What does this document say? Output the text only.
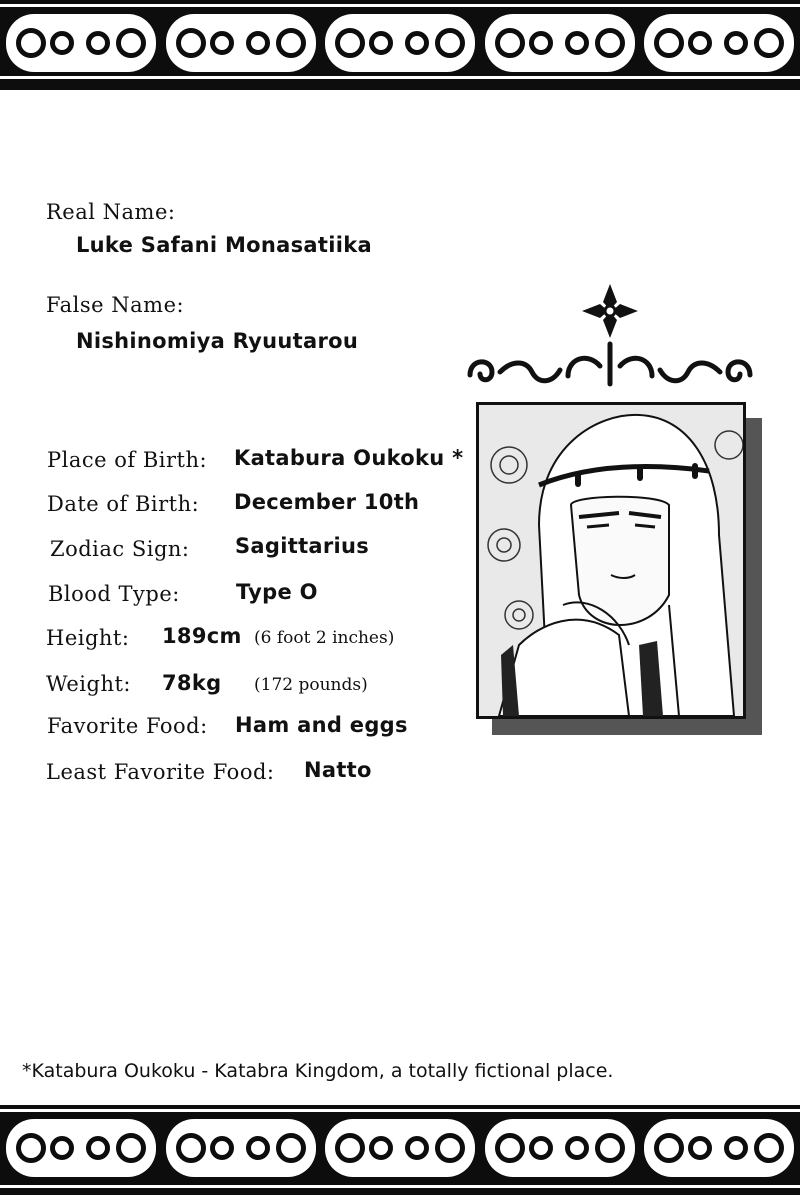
Real Name:
Luke Safani Monasatiika
False Name:
Nishinomiya Ryuutarou
Place of Birth: Katabura Oukoku *
Date of Birth: December 10th
Zodiac Sign: Sagittarius
Blood Type:	Type O
Height: 189cm (6 foot 2 inches)
Weight: 78kg (172 pounds)
Favorite Food: Ham and eggs
Least Favorite Food: Natto
*Katabura Oukoku - Katabra Kingdom, a totally fictional place.
